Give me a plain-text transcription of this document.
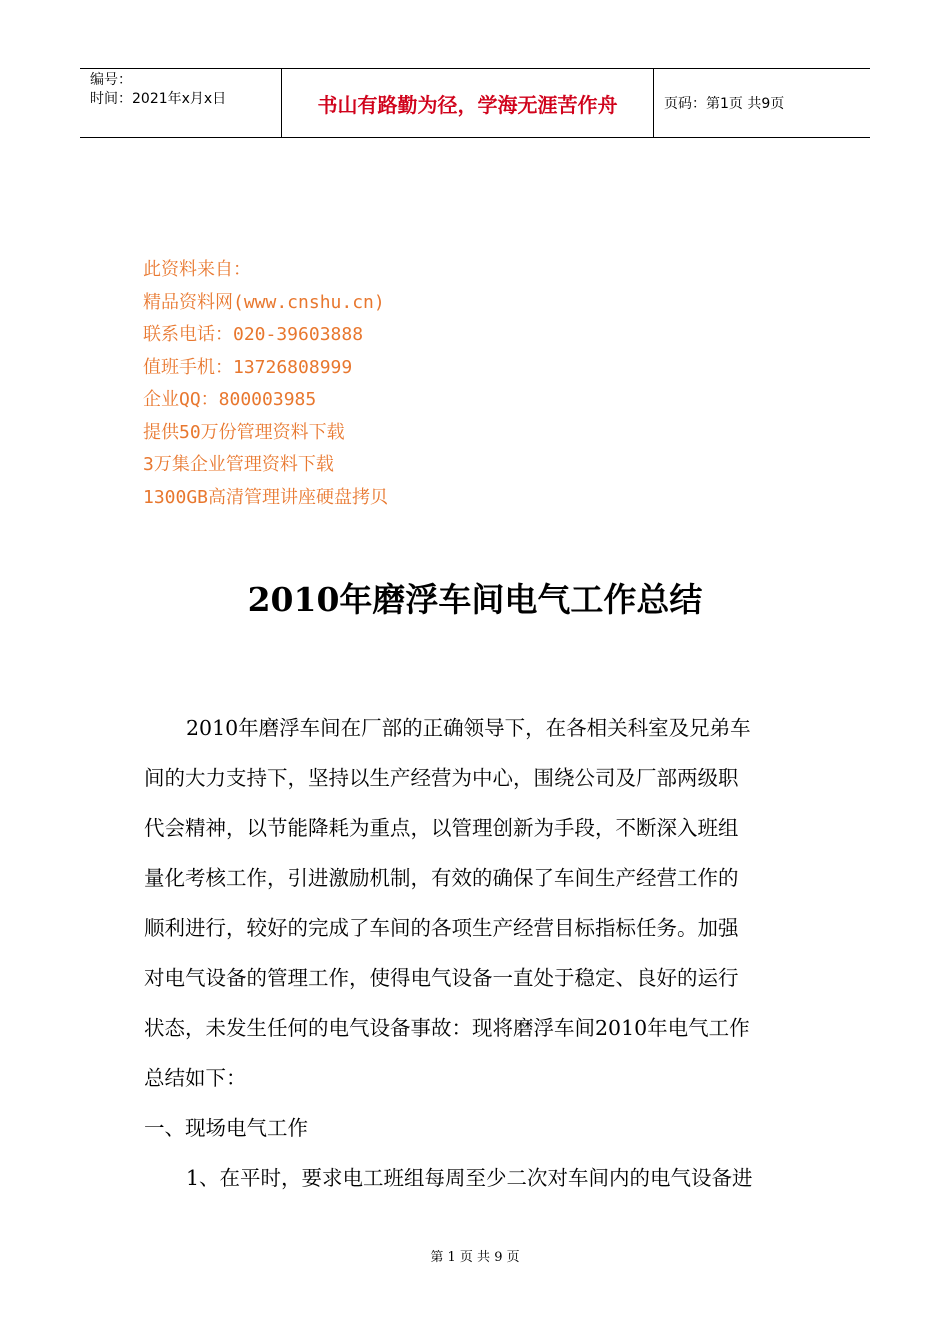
编号：
时间：2021年x月x日	书山有路勤为径，学海无涯苦作舟	页码：第1页 共9页
此资料来自：
精品资料网(www.cnshu.cn)
联系电话：020-39603888
值班手机：13726808999
企业QQ：800003985
提供50万份管理资料下载
3万集企业管理资料下载
1300GB高清管理讲座硬盘拷贝
2010年磨浮车间电气工作总结
2010年磨浮车间在厂部的正确领导下，在各相关科室及兄弟车
间的大力支持下，坚持以生产经营为中心，围绕公司及厂部两级职
代会精神，以节能降耗为重点，以管理创新为手段，不断深入班组
量化考核工作，引进激励机制，有效的确保了车间生产经营工作的
顺利进行，较好的完成了车间的各项生产经营目标指标任务。加强
对电气设备的管理工作，使得电气设备一直处于稳定、良好的运行
状态，未发生任何的电气设备事故：现将磨浮车间2010年电气工作
总结如下：
一、现场电气工作
1、在平时，要求电工班组每周至少二次对车间内的电气设备进
第 1 页 共 9 页
